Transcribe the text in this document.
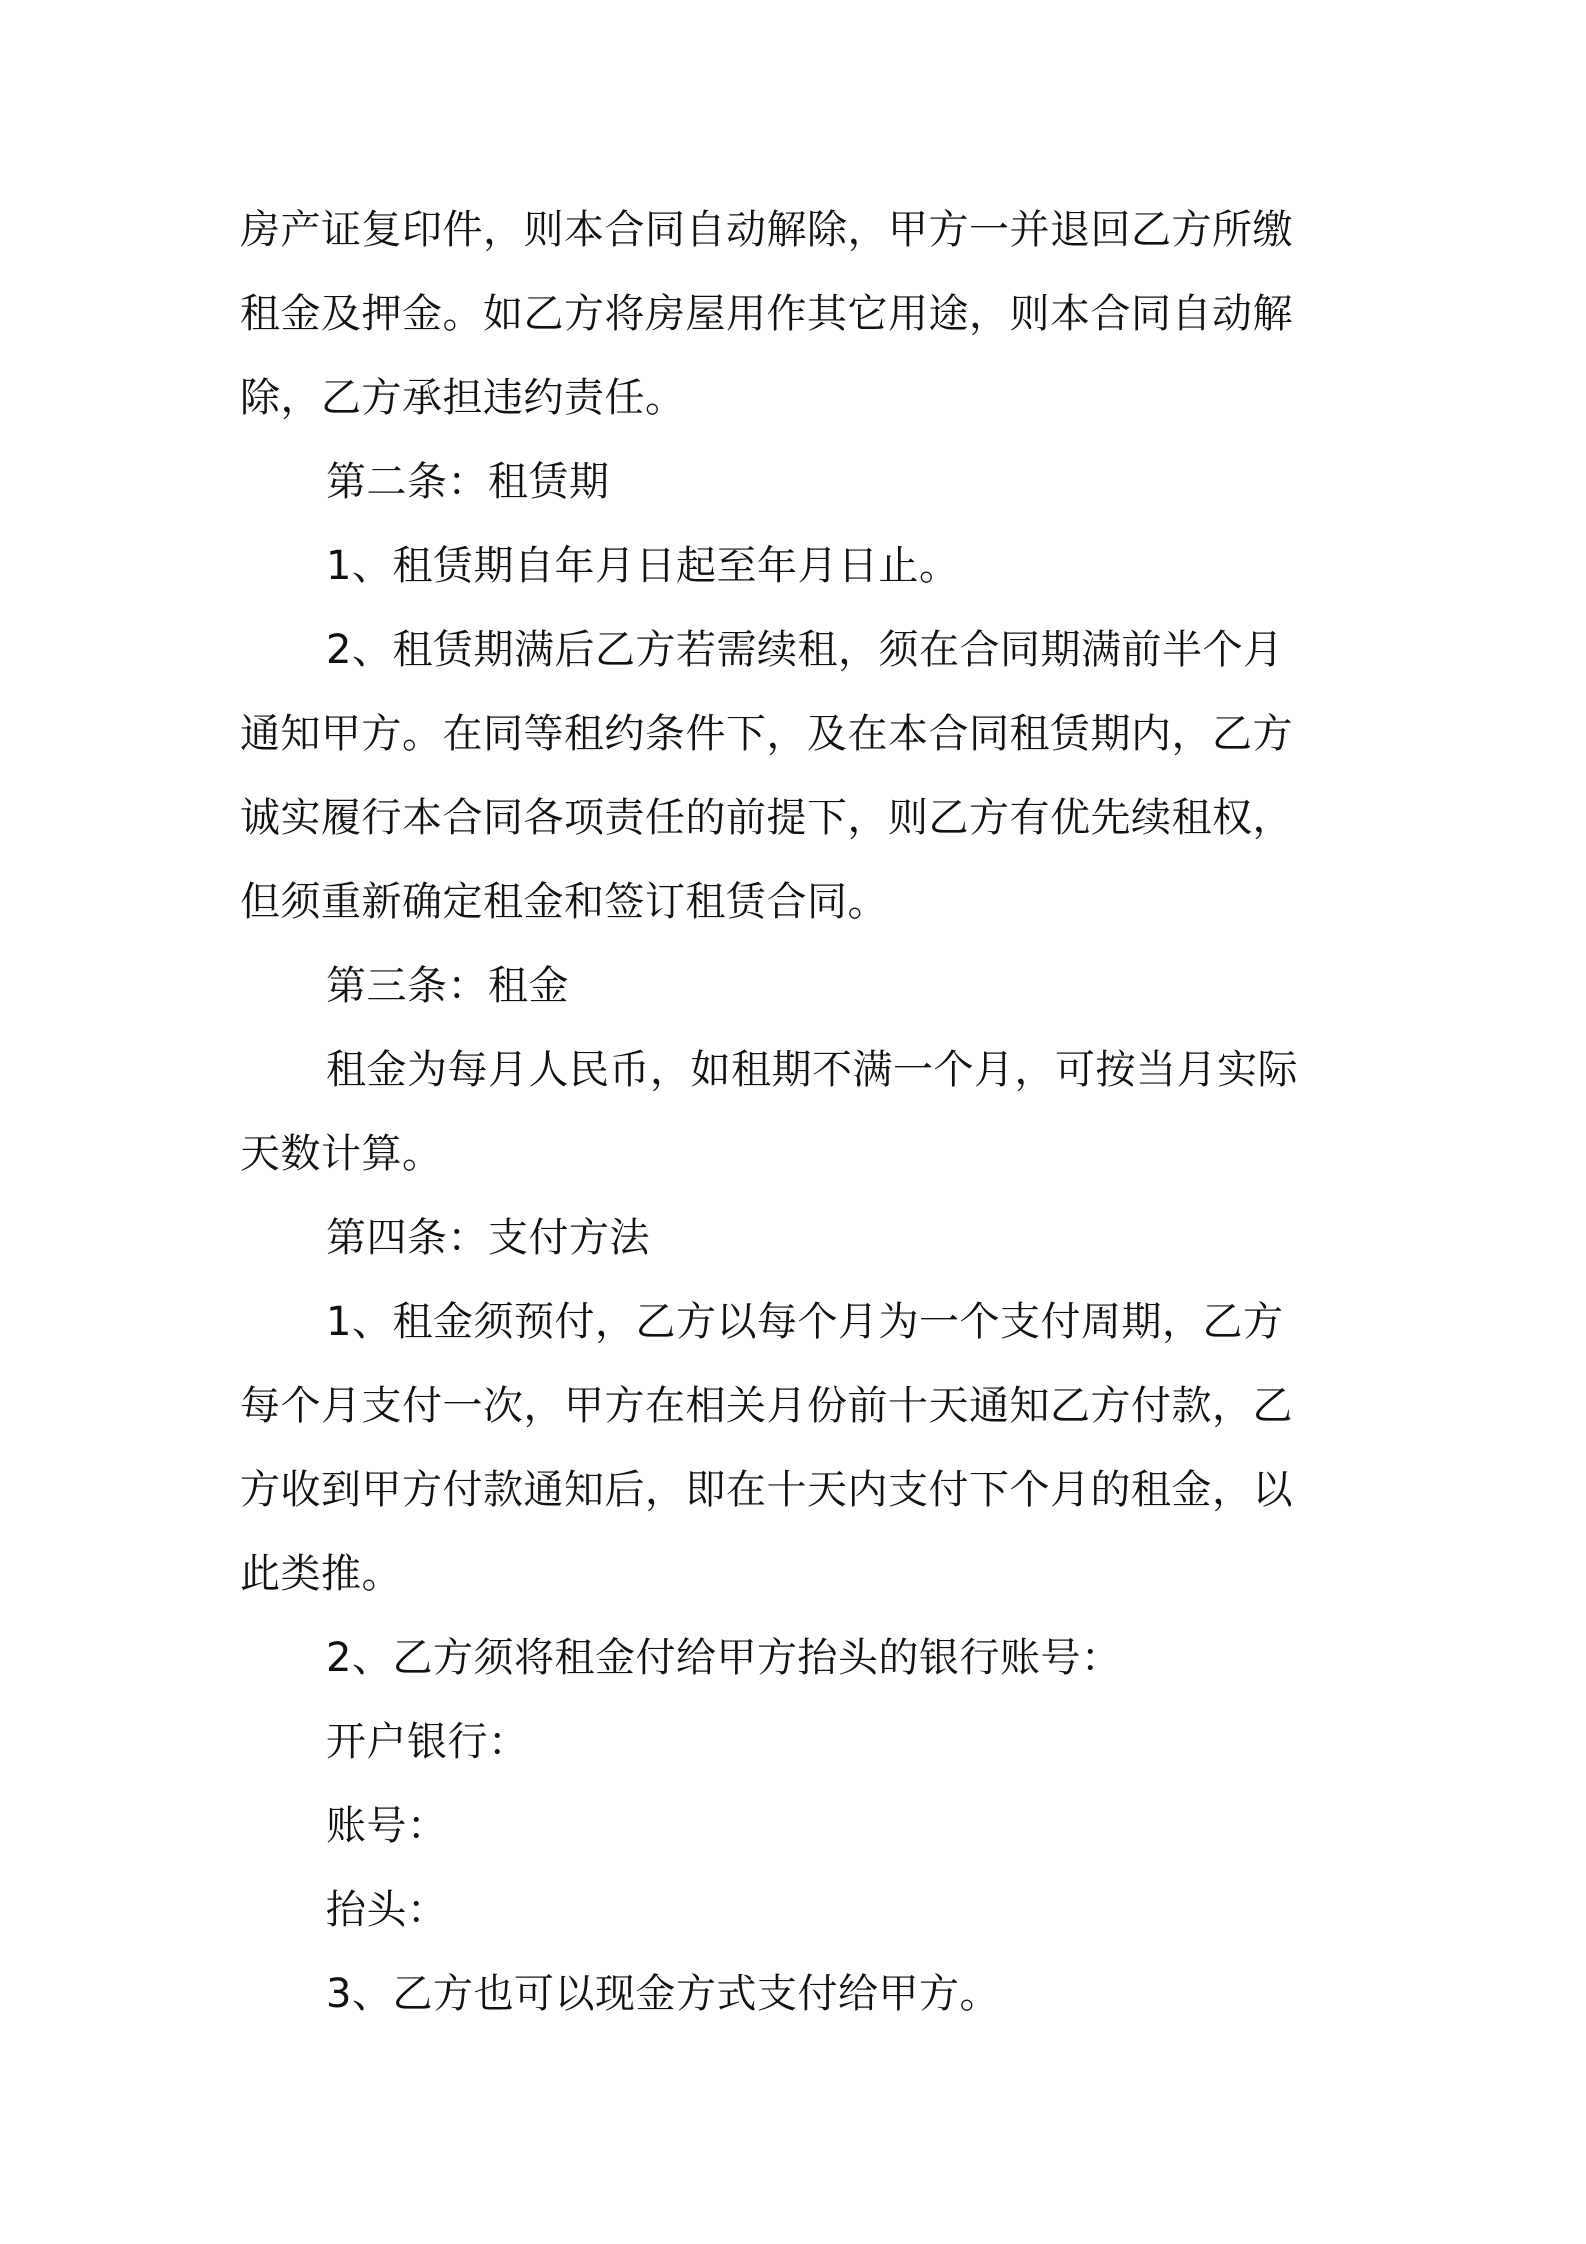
房产证复印件，则本合同自动解除，甲方一并退回乙方所缴
租金及押金。如乙方将房屋用作其它用途，则本合同自动解
除，乙方承担违约责任。
第二条：租赁期
1、租赁期自年月日起至年月日止。
2、租赁期满后乙方若需续租，须在合同期满前半个月
通知甲方。在同等租约条件下，及在本合同租赁期内，乙方
诚实履行本合同各项责任的前提下，则乙方有优先续租权，
但须重新确定租金和签订租赁合同。
第三条：租金
租金为每月人民币，如租期不满一个月，可按当月实际
天数计算。
第四条：支付方法
1、租金须预付，乙方以每个月为一个支付周期，乙方
每个月支付一次，甲方在相关月份前十天通知乙方付款，乙
方收到甲方付款通知后，即在十天内支付下个月的租金，以
此类推。
2、乙方须将租金付给甲方抬头的银行账号：
开户银行：
账号：
抬头：
3、乙方也可以现金方式支付给甲方。
